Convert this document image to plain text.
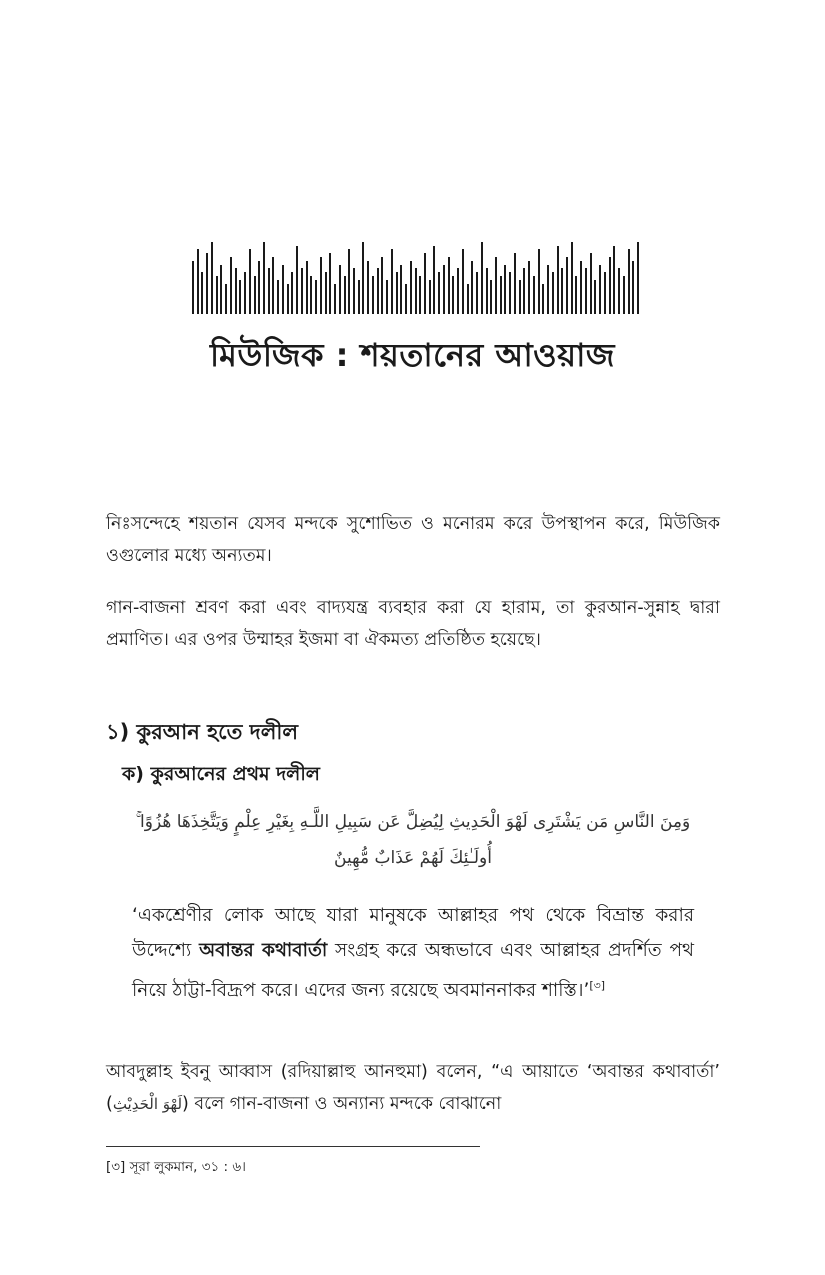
মিউজিক : শয়তানের আওয়াজ

নিঃসন্দেহে শয়তান যেসব মন্দকে সুশোভিত ও মনোরম করে উপস্থাপন করে, মিউজিক ওগুলোর মধ্যে অন্যতম।

গান-বাজনা শ্রবণ করা এবং বাদ্যযন্ত্র ব্যবহার করা যে হারাম, তা কুরআন-সুন্নাহ দ্বারা প্রমাণিত। এর ওপর উম্মাহর ইজমা বা ঐকমত্য প্রতিষ্ঠিত হয়েছে।

১) কুরআন হতে দলীল
ক) কুরআনের প্রথম দলীল
وَمِنَ النَّاسِ مَن يَشْتَرِى لَهْوَ الْحَدِيثِ لِيُضِلَّ عَن سَبِيلِ اللَّـهِ بِغَيْرِ عِلْمٍ وَيَتَّخِذَهَا هُزُوًا ۚ
أُولَـٰئِكَ لَهُمْ عَذَابٌ مُّهِينٌ

‘একশ্রেণীর লোক আছে যারা মানুষকে আল্লাহর পথ থেকে বিভ্রান্ত করার উদ্দেশ্যে অবান্তর কথাবার্তা সংগ্রহ করে অন্ধভাবে এবং আল্লাহর প্রদর্শিত পথ নিয়ে ঠাট্টা-বিদ্রূপ করে। এদের জন্য রয়েছে অবমাননাকর শাস্তি।’[৩]

আবদুল্লাহ ইবনু আব্বাস (রদিয়াল্লাহু আনহুমা) বলেন, “এ আয়াতে ‘অবান্তর কথাবার্তা’ (لَهْوَ الْحَدِيْثِ) বলে গান-বাজনা ও অন্যান্য মন্দকে বোঝানো

[৩] সূরা লুকমান, ৩১ : ৬।
